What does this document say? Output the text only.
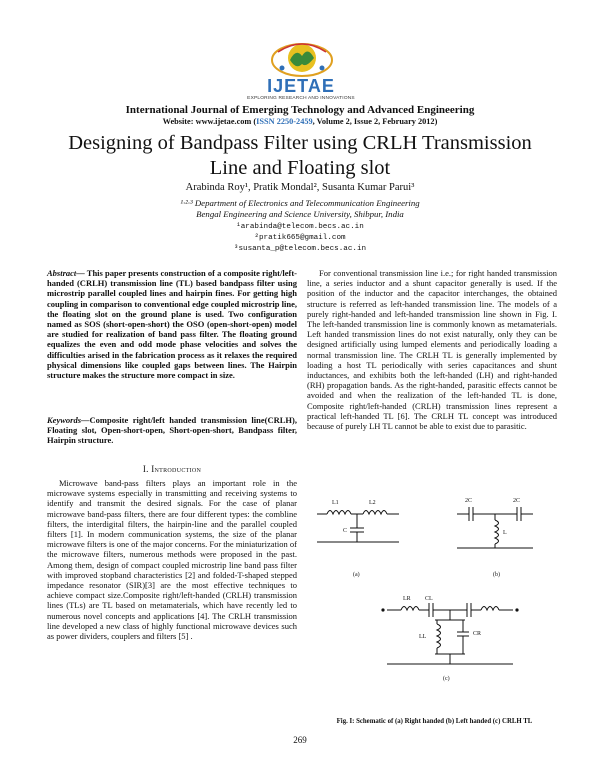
IJETAE
EXPLORING RESEARCH AND INNOVATIONS
International Journal of Emerging Technology and Advanced Engineering
Website: www.ijetae.com (ISSN 2250-2459, Volume 2, Issue 2, February 2012)
Designing of Bandpass Filter using CRLH Transmission
Line and Floating slot
Arabinda Roy¹, Pratik Mondal², Susanta Kumar Parui³
¹·²·³ Department of Electronics and Telecommunication Engineering
Bengal Engineering and Science University, Shibpur, India
¹arabinda@telecom.becs.ac.in
²pratik665@gmail.com
³susanta_p@telecom.becs.ac.in
Abstract— This paper presents construction of a composite right/left-handed (CRLH) transmission line (TL) based bandpass filter using microstrip parallel coupled lines and hairpin fines. For getting high coupling in comparison to conventional edge coupled microstrip line, the floating slot on the ground plane is used. Two configuration named as SOS (short-open-short) the OSO (open-short-open) model are studied for realization of band pass filter. The floating ground equalizes the even and odd mode phase velocities and solves the difficulties arised in the fabrication process as it relaxes the required physical dimensions like coupled gaps between lines. The Hairpin structure makes the structure more compact in size.
Keywords—Composite right/left handed transmission line(CRLH), Floating slot, Open-short-open, Short-open-short, Bandpass filter, Hairpin structure.
I. Introduction
Microwave band-pass filters plays an important role in the microwave systems especially in transmitting and receiving systems to identify and transmit the desired signals. For the case of planar microwave band-pass filters, there are four different types: the combline filters, the interdigital filters, the hairpin-line and the parallel coupled filters [1]. In modern communication systems, the size of the planar microwave filters is one of the major concerns. For the miniaturization of the microwave filters, numerous methods were proposed in the past. Among them, design of compact coupled microstrip line band pass filter with improved stopband characteristics [2] and folded-T-shaped stepped impedance resonator (SIR)[3] are the most effective techniques to achieve compact size.Composite right/left-handed (CRLH) transmission lines (TLs) are TL based on metamaterials, which have recently led to numerous novel concepts and applications [4]. The CRLH transmission line developed a new class of highly functional microwave devices such as power dividers, couplers and filters [5] .
For conventional transmission line i.e.; for right handed transmission line, a series inductor and a shunt capacitor generally is used. If the position of the inductor and the capacitor interchanges, the obtained structure is referred as left-handed transmission line. The models of a purely right-handed and left-handed transmission line shown in Fig. I. The left-handed transmission line is commonly known as metamaterials. Left handed transmission lines do not exist naturally, only they can be designed artificially using lumped elements and periodically loading a normal transmission line. The CRLH TL is generally implemented by loading a host TL periodically with series capacitances and shunt inductances, and exhibits both the left-handed (LH) and right-handed (RH) propagation bands. As the right-handed, parasitic effects cannot be avoided and when the realization of the left-handed TL is done, Composite right/left-handed (CRLH) transmission lines represent a practical left-handed TL [6]. The CRLH TL concept was introduced because of purely LH TL cannot be able to exist due to parasitic.
L1	L2
C
2C	2C
L
(a)	(b)
LR CL
CR
LL
(c)
Fig. I: Schematic of (a) Right handed (b) Left handed (c) CRLH TL
269
